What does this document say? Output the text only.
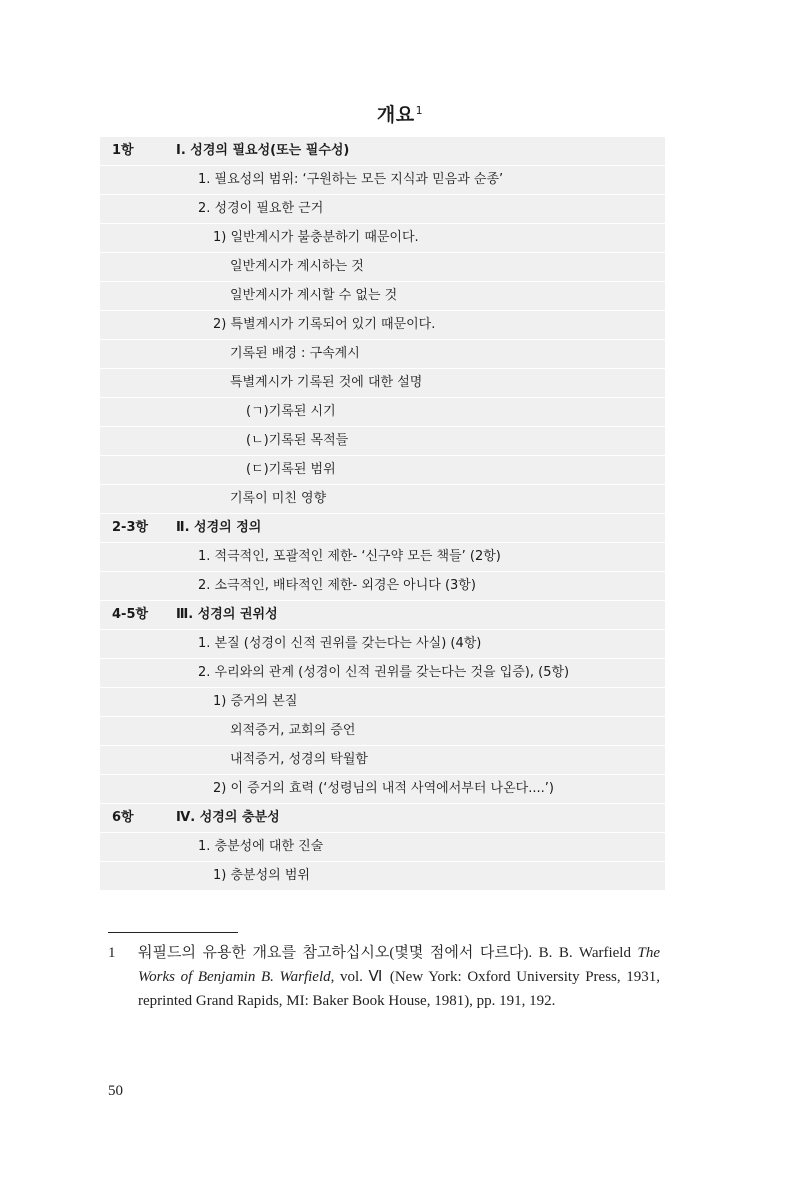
개요$^1$
1항	Ⅰ. 성경의 필요성(또는 필수성)
1. 필요성의 범위: ‘구원하는 모든 지식과 믿음과 순종’
2. 성경이 필요한 근거
1) 일반계시가 불충분하기 때문이다.
일반계시가 계시하는 것
일반계시가 계시할 수 없는 것
2) 특별계시가 기록되어 있기 때문이다.
기록된 배경 : 구속계시
특별계시가 기록된 것에 대한 설명
(ㄱ)기록된 시기
(ㄴ)기록된 목적들
(ㄷ)기록된 범위
기록이 미친 영향
2-3항 Ⅱ. 성경의 정의
1. 적극적인, 포괄적인 제한- ‘신구약 모든 책들’ (2항)
2. 소극적인, 배타적인 제한- 외경은 아니다 (3항)
4-5항 Ⅲ. 성경의 권위성
1. 본질 (성경이 신적 권위를 갖는다는 사실) (4항)
2. 우리와의 관계 (성경이 신적 권위를 갖는다는 것을 입증), (5항)
1) 증거의 본질
외적증거, 교회의 증언
내적증거, 성경의 탁월함
2) 이 증거의 효력 (‘성령님의 내적 사역에서부터 나온다....’)
6항	Ⅳ. 성경의 충분성
1. 충분성에 대한 진술
1) 충분성의 범위
1 워필드의 유용한 개요를 참고하십시오(몇몇 점에서 다르다). B. B. Warfield The Works of Benjamin B. Warfield, vol. Ⅵ (New York: Oxford University Press, 1931, reprinted Grand Rapids, MI: Baker Book House, 1981), pp. 191, 192.
50
